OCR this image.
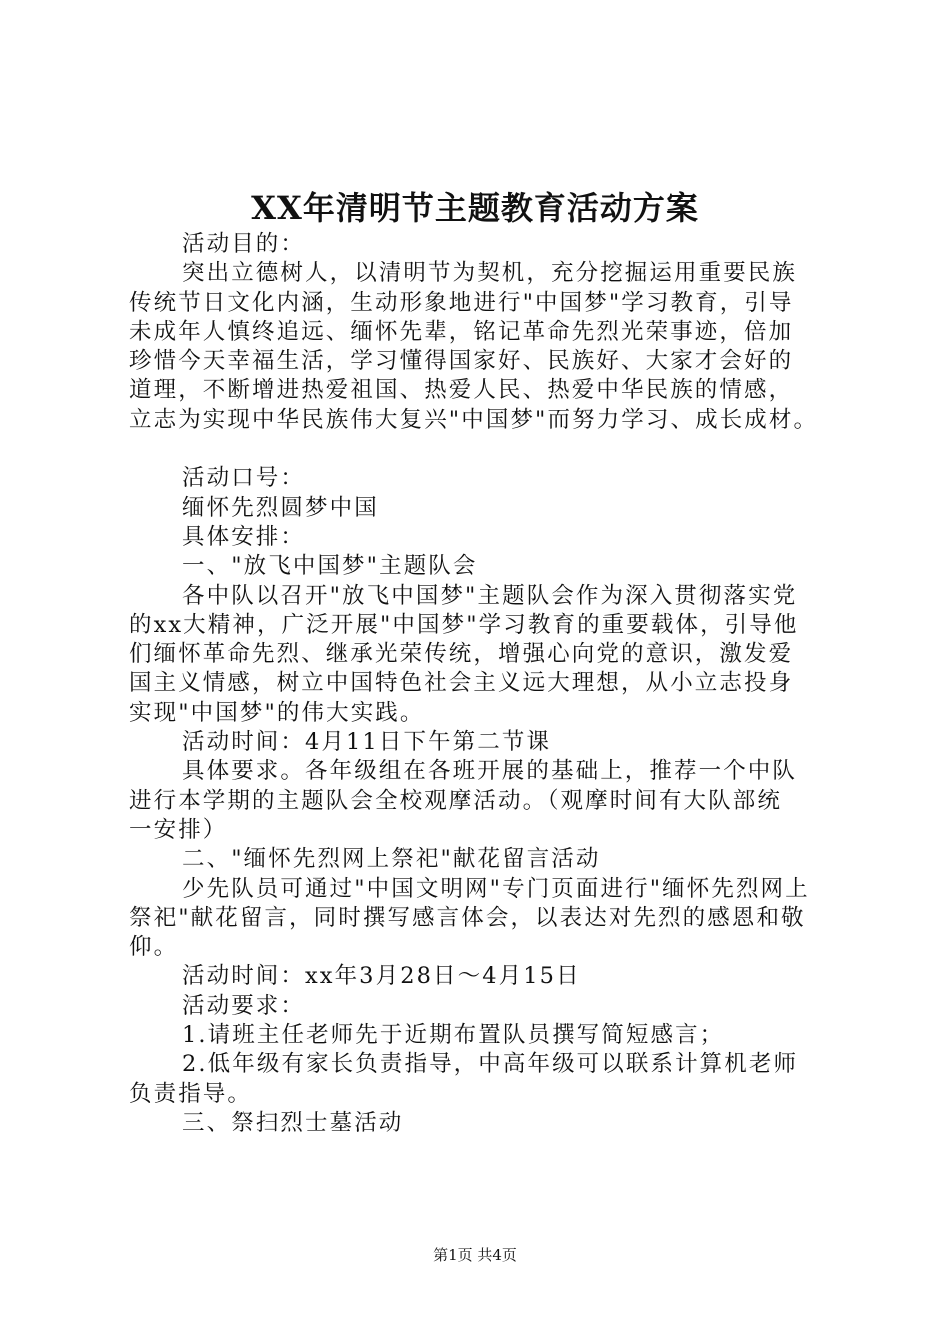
XX年清明节主题教育活动方案
活动目的：
突出立德树人，以清明节为契机，充分挖掘运用重要民族
传统节日文化内涵，生动形象地进行"中国梦"学习教育，引导
未成年人慎终追远、缅怀先辈，铭记革命先烈光荣事迹，倍加
珍惜今天幸福生活，学习懂得国家好、民族好、大家才会好的
道理，不断增进热爱祖国、热爱人民、热爱中华民族的情感，
立志为实现中华民族伟大复兴"中国梦"而努力学习、成长成材。
活动口号：
缅怀先烈圆梦中国
具体安排：
一、"放飞中国梦"主题队会
各中队以召开"放飞中国梦"主题队会作为深入贯彻落实党
的xx大精神，广泛开展"中国梦"学习教育的重要载体，引导他
们缅怀革命先烈、继承光荣传统，增强心向党的意识，激发爱
国主义情感，树立中国特色社会主义远大理想，从小立志投身
实现"中国梦"的伟大实践。
活动时间：4月11日下午第二节课
具体要求。各年级组在各班开展的基础上，推荐一个中队
进行本学期的主题队会全校观摩活动。（观摩时间有大队部统
一安排）
二、"缅怀先烈网上祭祀"献花留言活动
少先队员可通过"中国文明网"专门页面进行"缅怀先烈网上
祭祀"献花留言，同时撰写感言体会，以表达对先烈的感恩和敬
仰。
活动时间：xx年3月28日～4月15日
活动要求：
1.请班主任老师先于近期布置队员撰写简短感言；
2.低年级有家长负责指导，中高年级可以联系计算机老师
负责指导。
三、祭扫烈士墓活动
第1页 共4页
